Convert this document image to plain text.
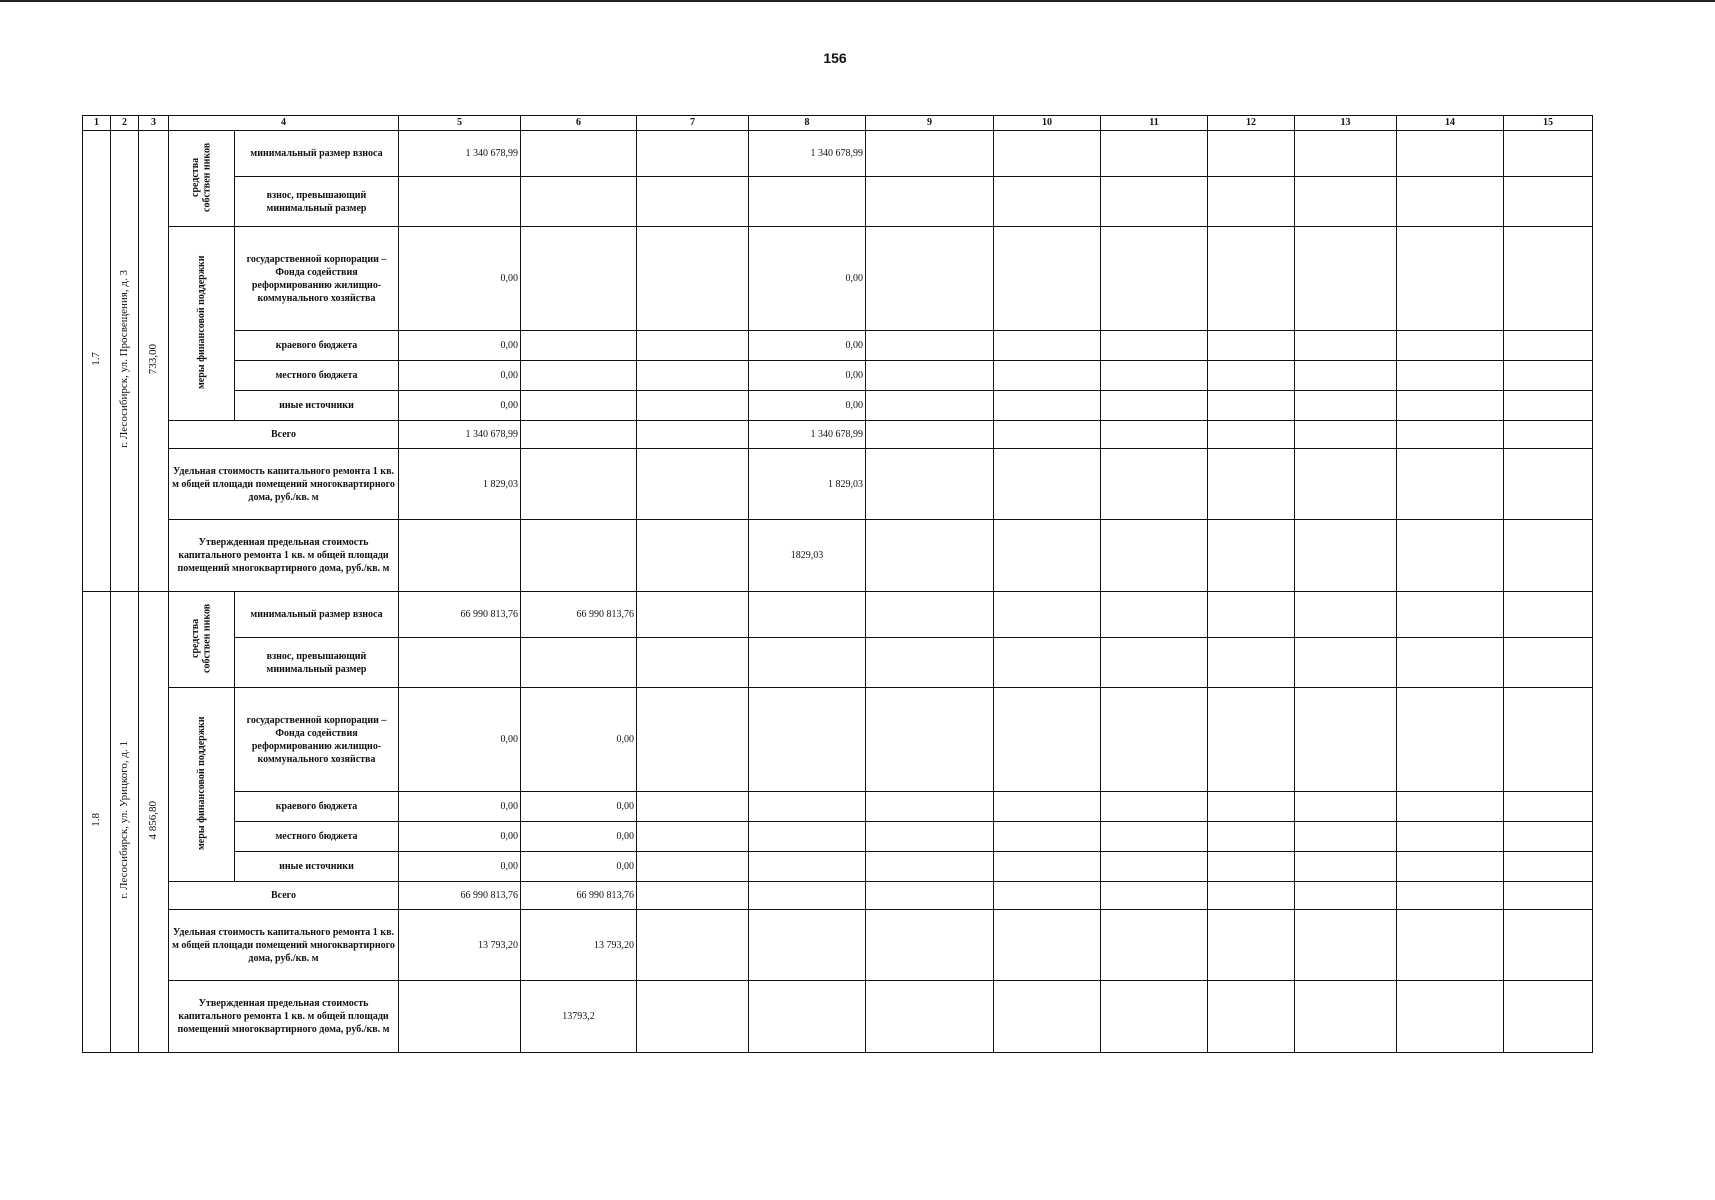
156
1	2	3	4		5	6	7	8	9	10	11	12	13	14	15
1.7	г. Лесосибирск, ул. Просвещения, д. 3	733,00	средства собствен ников	минимальный размер взноса	1 340 678,99			1 340 678,99							
				взнос, превышающий минимальный размер											
			меры финансовой поддержки	государственной корпорации – Фонда содействия реформированию жилищно-коммунального хозяйства	0,00			0,00							
				краевого бюджета	0,00			0,00							
				местного бюджета	0,00			0,00							
				иные источники	0,00			0,00							
			Всего		1 340 678,99			1 340 678,99							
			Удельная стоимость капитального ремонта 1 кв. м общей площади помещений многоквартирного дома, руб./кв. м		1 829,03			1 829,03							
			Утвержденная предельная стоимость капитального ремонта 1 кв. м общей площади помещений многоквартирного дома, руб./кв. м					1829,03							
1.8	г. Лесосибирск, ул. Урицкого, д. 1	4 856,80	средства собствен ников	минимальный размер взноса	66 990 813,76	66 990 813,76									
				взнос, превышающий минимальный размер											
			меры финансовой поддержки	государственной корпорации – Фонда содействия реформированию жилищно-коммунального хозяйства	0,00	0,00									
				краевого бюджета	0,00	0,00									
				местного бюджета	0,00	0,00									
				иные источники	0,00	0,00									
			Всего		66 990 813,76	66 990 813,76									
			Удельная стоимость капитального ремонта 1 кв. м общей площади помещений многоквартирного дома, руб./кв. м		13 793,20	13 793,20									
			Утвержденная предельная стоимость капитального ремонта 1 кв. м общей площади помещений многоквартирного дома, руб./кв. м			13793,2									
